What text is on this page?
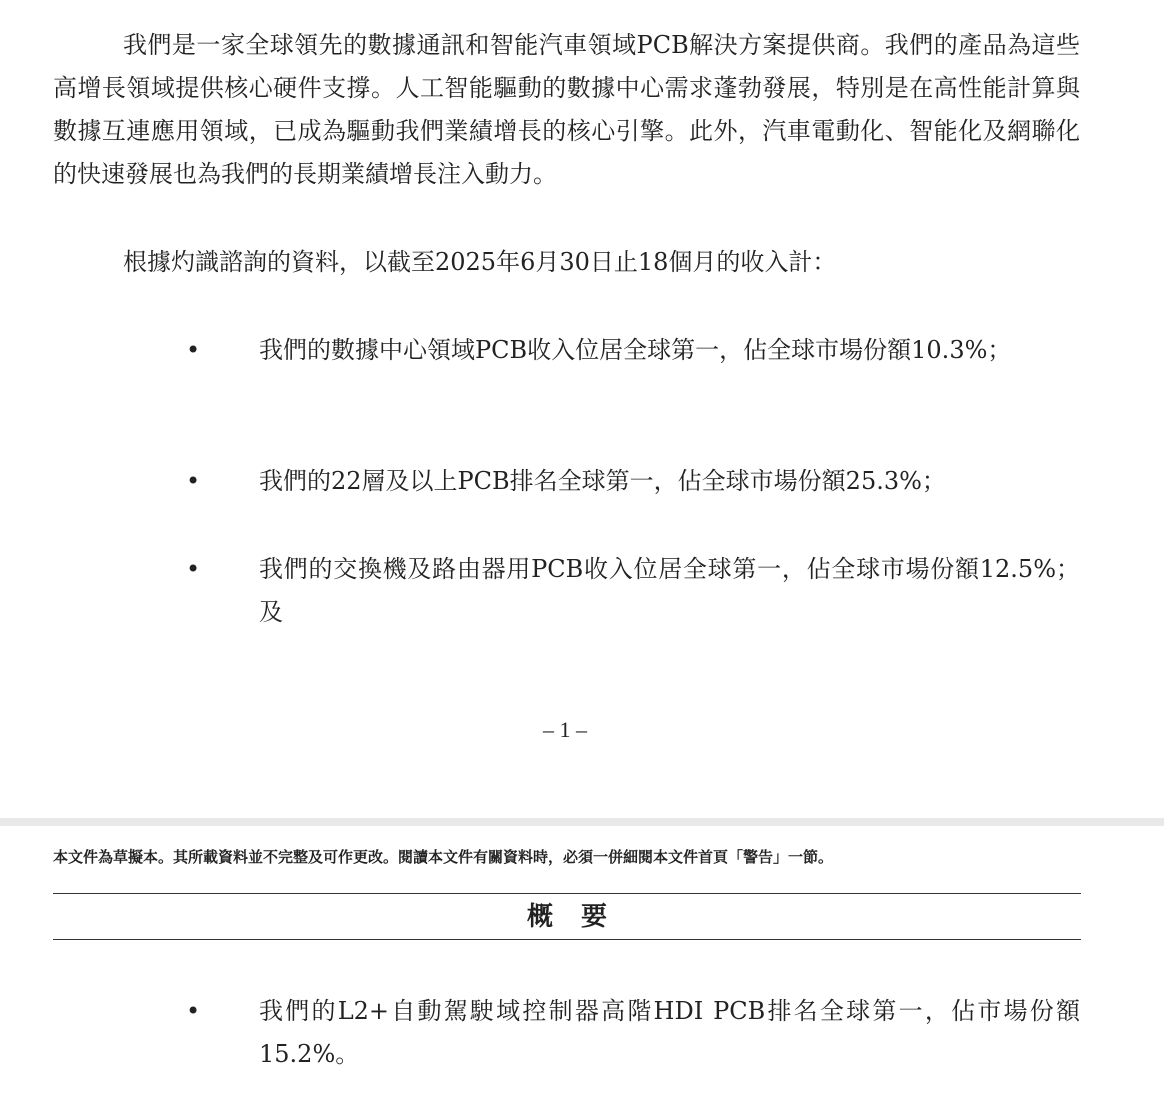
我們是一家全球領先的數據通訊和智能汽車領域PCB解決方案提供商。我們的產品為這些高增長領域提供核心硬件支撐。人工智能驅動的數據中心需求蓬勃發展，特別是在高性能計算與數據互連應用領域，已成為驅動我們業績增長的核心引擎。此外，汽車電動化、智能化及網聯化的快速發展也為我們的長期業績增長注入動力。

根據灼識諮詢的資料，以截至2025年6月30日止18個月的收入計：

• 我們的數據中心領域PCB收入位居全球第一，佔全球市場份額10.3%；

• 我們的22層及以上PCB排名全球第一，佔全球市場份額25.3%；

• 我們的交換機及路由器用PCB收入位居全球第一，佔全球市場份額12.5%；及

– 1 –
本文件為草擬本。其所載資料並不完整及可作更改。閱讀本文件有關資料時，必須一併細閱本文件首頁「警告」一節。
概要
• 我們的L2+自動駕駛域控制器高階HDI PCB排名全球第一，佔市場份額15.2%。
